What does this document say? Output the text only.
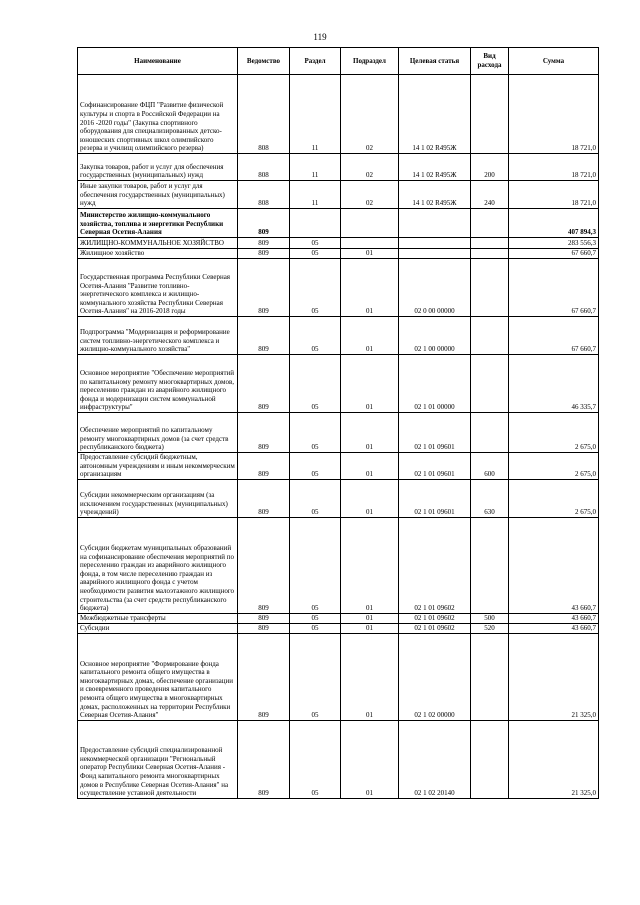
119
Наименование	Ведомство	Раздел	Подраздел	Целевая статья	Вид расхода	Сумма
Софинансирование ФЦП "Развитие физической культуры и спорта в Российской Федерации на 2016 -2020 годы" (Закупка спортивного оборудования для специализированных детско-юношеских спортивных школ олимпийского резерва и училищ олимпийского резерва)	808	11	02	14 1 02 R495Ж		18 721,0
Закупка товаров, работ и услуг для обеспечения государственных (муниципальных) нужд	808	11	02	14 1 02 R495Ж	200	18 721,0
Иные закупки товаров, работ и услуг для обеспечения государственных (муниципальных) нужд	808	11	02	14 1 02 R495Ж	240	18 721,0
Министерство жилищно-коммунального хозяйства, топлива и энергетики Республики Северная Осетия-Алания	809					407 894,3
ЖИЛИЩНО-КОММУНАЛЬНОЕ ХОЗЯЙСТВО	809	05				283 556,3
Жилищное хозяйство	809	05	01			67 660,7
Государственная программа Республики Северная Осетия-Алания "Развитие топливно-энергетического комплекса и жилищно-коммунального хозяйства Республики Северная Осетия-Алания" на 2016-2018 годы	809	05	01	02 0 00 00000		67 660,7
Подпрограмма "Модернизация и реформирование систем топливно-энергетического комплекса и жилищно-коммунального хозяйства"	809	05	01	02 1 00 00000		67 660,7
Основное мероприятие "Обеспечение мероприятий по капитальному ремонту многоквартирных домов, переселению граждан из аварийного жилищного фонда и модернизации систем коммунальной инфраструктуры"	809	05	01	02 1 01 00000		46 335,7
Обеспечение мероприятий по капитальному ремонту многоквартирных домов (за счет средств республиканского бюджета)	809	05	01	02 1 01 09601		2 675,0
Предоставление субсидий бюджетным, автономным учреждениям и иным некоммерческим организациям	809	05	01	02 1 01 09601	600	2 675,0
Субсидии некоммерческим организациям (за исключением государственных (муниципальных) учреждений)	809	05	01	02 1 01 09601	630	2 675,0
Субсидии бюджетам муниципальных образований на софинансирование обеспечения мероприятий по переселению граждан из аварийного жилищного фонда, в том числе переселению граждан из аварийного жилищного фонда с учетом необходимости развития малоэтажного жилищного строительства (за счет средств республиканского бюджета)	809	05	01	02 1 01 09602		43 660,7
Межбюджетные трансферты	809	05	01	02 1 01 09602	500	43 660,7
Субсидии	809	05	01	02 1 01 09602	520	43 660,7
Основное мероприятие "Формирование фонда капитального ремонта общего имущества в многоквартирных домах, обеспечение организации и своевременного проведения капитального ремонта общего имущества в многоквартирных домах, расположенных на территории Республики Северная Осетия-Алания"	809	05	01	02 1 02 00000		21 325,0
Предоставление субсидий специализированной некоммерческой организации "Региональный оператор Республики Северная Осетия-Алания - Фонд капитального ремонта многоквартирных домов в Республике Северная Осетия-Алания" на осуществление уставной деятельности	809	05	01	02 1 02 20140		21 325,0
